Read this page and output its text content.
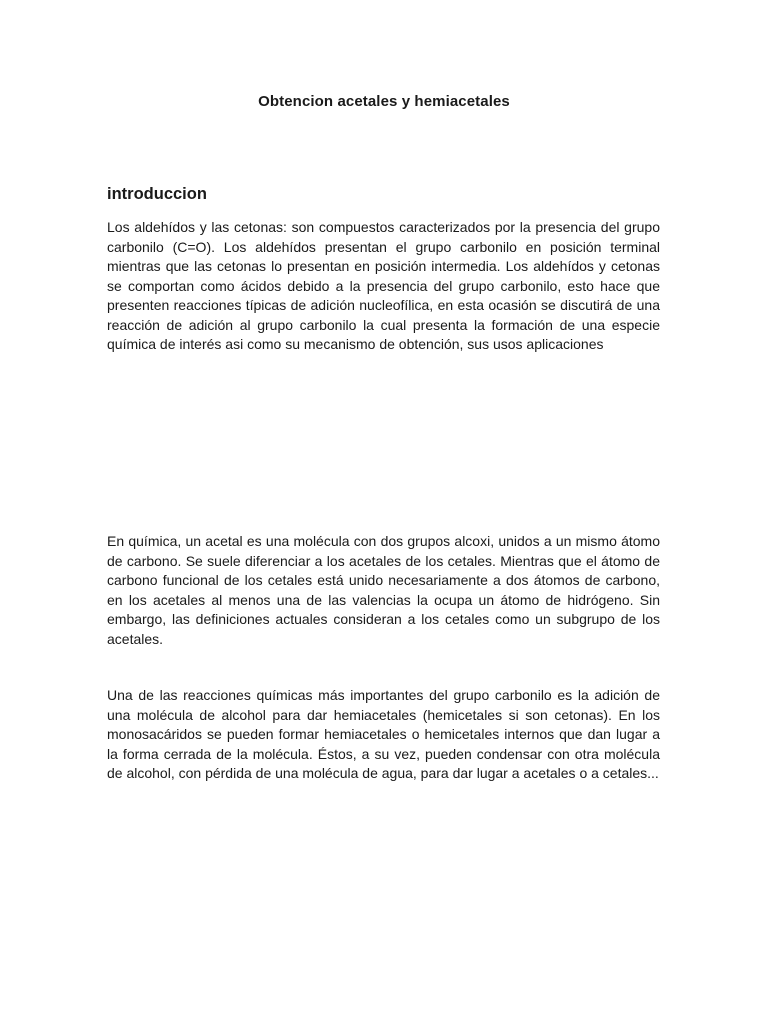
Obtencion acetales y hemiacetales
introduccion

Los aldehídos y las cetonas: son compuestos caracterizados por la presencia del grupo carbonilo (C=O). Los aldehídos presentan el grupo carbonilo en posición terminal mientras que las cetonas lo presentan en posición intermedia. Los aldehídos y cetonas se comportan como ácidos debido a la presencia del grupo carbonilo, esto hace que presenten reacciones típicas de adición nucleofílica, en esta ocasión se discutirá de una reacción de adición al grupo carbonilo la cual presenta la formación de una especie química de interés asi como su mecanismo de obtención, sus usos aplicaciones

En química, un acetal es una molécula con dos grupos alcoxi, unidos a un mismo átomo de carbono. Se suele diferenciar a los acetales de los cetales. Mientras que el átomo de carbono funcional de los cetales está unido necesariamente a dos átomos de carbono, en los acetales al menos una de las valencias la ocupa un átomo de hidrógeno. Sin embargo, las definiciones actuales consideran a los cetales como un subgrupo de los acetales.

Una de las reacciones químicas más importantes del grupo carbonilo es la adición de una molécula de alcohol para dar hemiacetales (hemicetales si son cetonas). En los monosacáridos se pueden formar hemiacetales o hemicetales internos que dan lugar a la forma cerrada de la molécula. Éstos, a su vez, pueden condensar con otra molécula de alcohol, con pérdida de una molécula de agua, para dar lugar a acetales o a cetales...
